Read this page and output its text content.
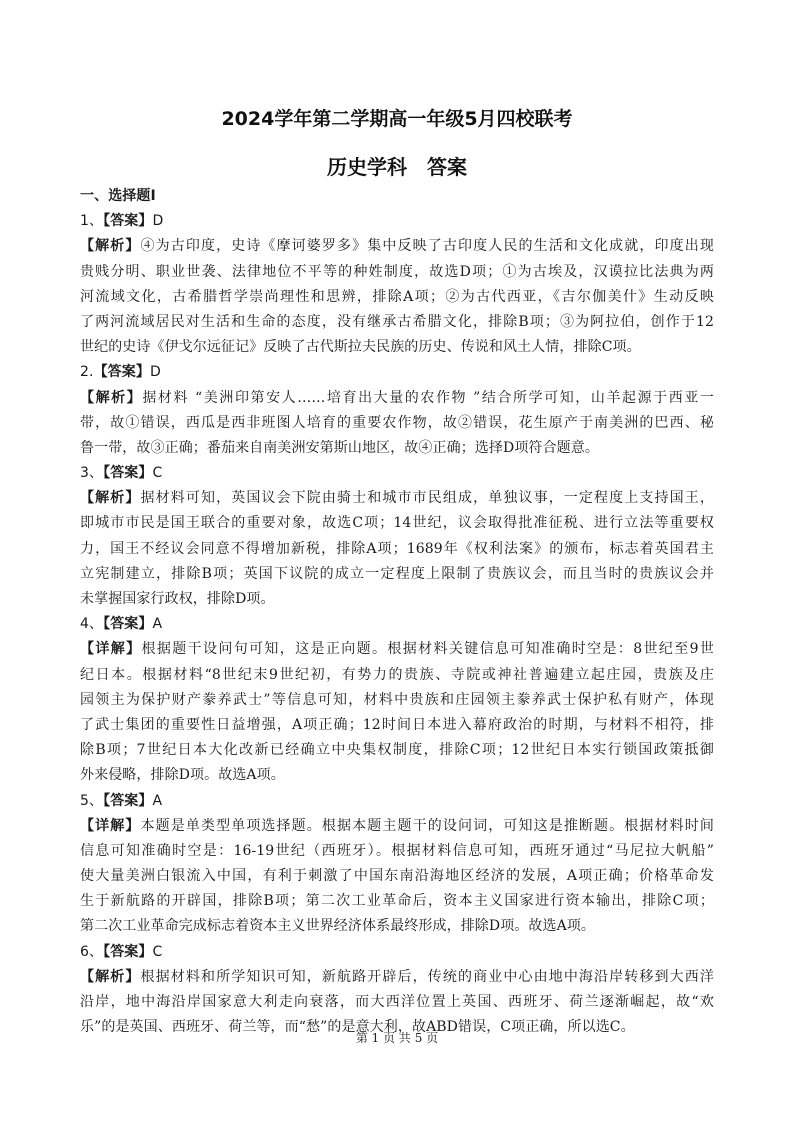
2024学年第二学期高一年级5月四校联考
历史学科　答案
一、选择题Ⅰ
1、【答案】D
【解析】④为古印度，史诗《摩诃婆罗多》集中反映了古印度人民的生活和文化成就，印度出现
贵贱分明、职业世袭、法律地位不平等的种姓制度，故选D项；①为古埃及，汉谟拉比法典为两
河流域文化，古希腊哲学崇尚理性和思辨，排除A项；②为古代西亚，《吉尔伽美什》生动反映
了两河流域居民对生活和生命的态度，没有继承古希腊文化，排除B项；③为阿拉伯，创作于12
世纪的史诗《伊戈尔远征记》反映了古代斯拉夫民族的历史、传说和风土人情，排除C项。
2.【答案】D
【解析】据材料 “美洲印第安人……培育出大量的农作物 ”结合所学可知，山羊起源于西亚一
带，故①错误，西瓜是西非班图人培育的重要农作物，故②错误，花生原产于南美洲的巴西、秘
鲁一带，故③正确；番茄来自南美洲安第斯山地区，故④正确；选择D项符合题意。
3、【答案】C
【解析】据材料可知，英国议会下院由骑士和城市市民组成，单独议事，一定程度上支持国王，
即城市市民是国王联合的重要对象，故选C项；14世纪，议会取得批准征税、进行立法等重要权
力，国王不经议会同意不得增加新税，排除A项；1689年《权利法案》的颁布，标志着英国君主
立宪制建立，排除B项；英国下议院的成立一定程度上限制了贵族议会，而且当时的贵族议会并
未掌握国家行政权，排除D项。
4、【答案】A
【详解】根据题干设问句可知，这是正向题。根据材料关键信息可知准确时空是：8世纪至9世
纪日本。根据材料“8世纪末9世纪初，有势力的贵族、寺院或神社普遍建立起庄园，贵族及庄
园领主为保护财产豢养武士”等信息可知，材料中贵族和庄园领主豢养武士保护私有财产，体现
了武士集团的重要性日益增强，A项正确；12时间日本进入幕府政治的时期，与材料不相符，排
除B项；7世纪日本大化改新已经确立中央集权制度，排除C项；12世纪日本实行锁国政策抵御
外来侵略，排除D项。故选A项。
5、【答案】A
【详解】本题是单类型单项选择题。根据本题主题干的设问词，可知这是推断题。根据材料时间
信息可知准确时空是：16-19世纪（西班牙）。根据材料信息可知，西班牙通过“马尼拉大帆船”
使大量美洲白银流入中国，有利于刺激了中国东南沿海地区经济的发展，A项正确；价格革命发
生于新航路的开辟国，排除B项；第二次工业革命后，资本主义国家进行资本输出，排除C项；
第二次工业革命完成标志着资本主义世界经济体系最终形成，排除D项。故选A项。
6、【答案】C
【解析】根据材料和所学知识可知，新航路开辟后，传统的商业中心由地中海沿岸转移到大西洋
沿岸，地中海沿岸国家意大利走向衰落，而大西洋位置上英国、西班牙、荷兰逐渐崛起，故“欢
乐”的是英国、西班牙、荷兰等，而“愁”的是意大利，故ABD错误，C项正确，所以选C。
第 1 页 共 5 页
